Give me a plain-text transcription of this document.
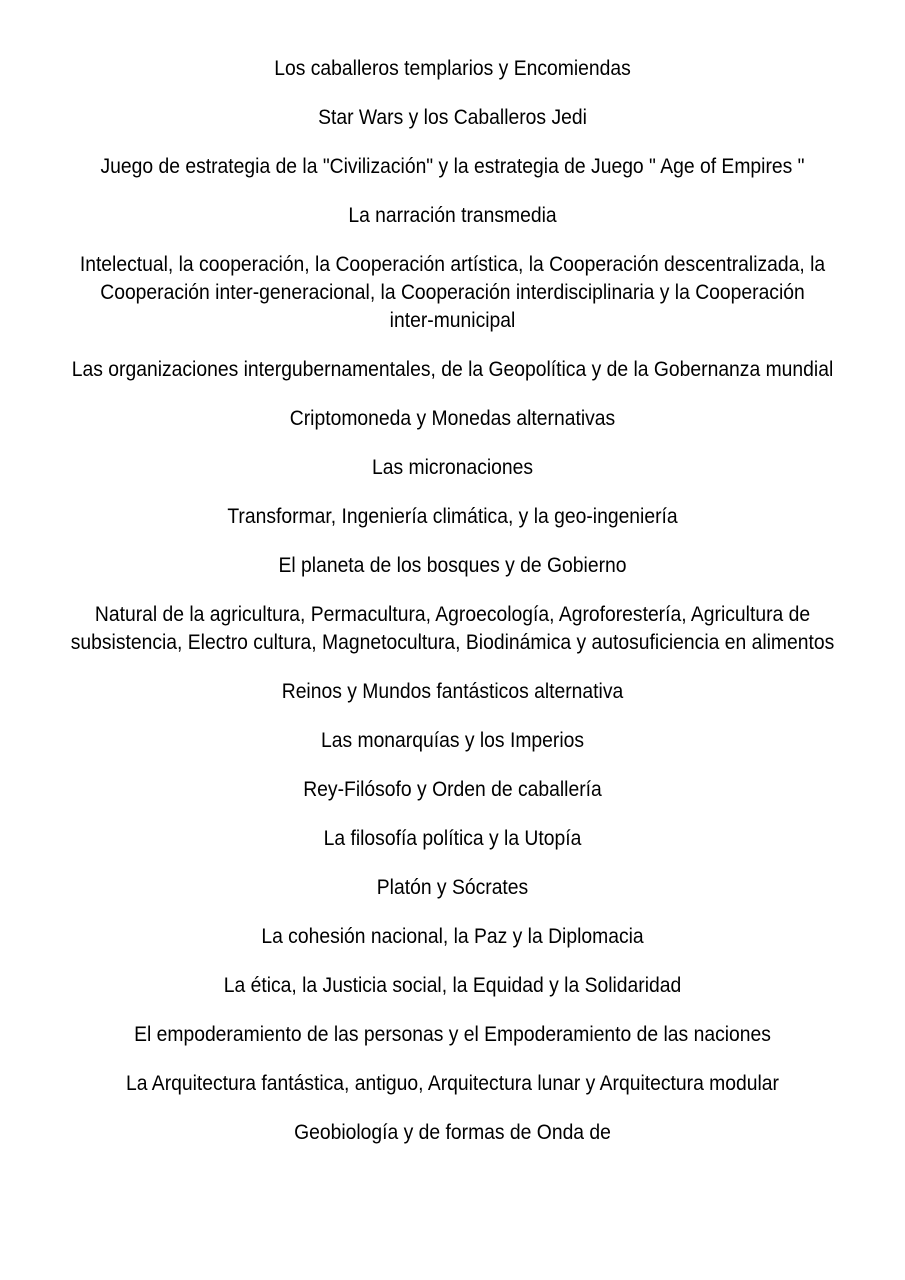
Los caballeros templarios y Encomiendas
Star Wars y los Caballeros Jedi
Juego de estrategia de la "Civilización" y la estrategia de Juego " Age of Empires "
La narración transmedia
Intelectual, la cooperación, la Cooperación artística, la Cooperación descentralizada, la Cooperación inter-generacional, la Cooperación interdisciplinaria y la Cooperación inter-municipal
Las organizaciones intergubernamentales, de la Geopolítica y de la Gobernanza mundial
Criptomoneda y Monedas alternativas
Las micronaciones
Transformar, Ingeniería climática, y la geo-ingeniería
El planeta de los bosques y de Gobierno
Natural de la agricultura, Permacultura, Agroecología, Agroforestería, Agricultura de subsistencia, Electro cultura, Magnetocultura, Biodinámica y autosuficiencia en alimentos
Reinos y Mundos fantásticos alternativa
Las monarquías y los Imperios
Rey-Filósofo y Orden de caballería
La filosofía política y la Utopía
Platón y Sócrates
La cohesión nacional, la Paz y la Diplomacia
La ética, la Justicia social, la Equidad y la Solidaridad
El empoderamiento de las personas y el Empoderamiento de las naciones
La Arquitectura fantástica, antiguo, Arquitectura lunar y Arquitectura modular
Geobiología y de formas de Onda de
